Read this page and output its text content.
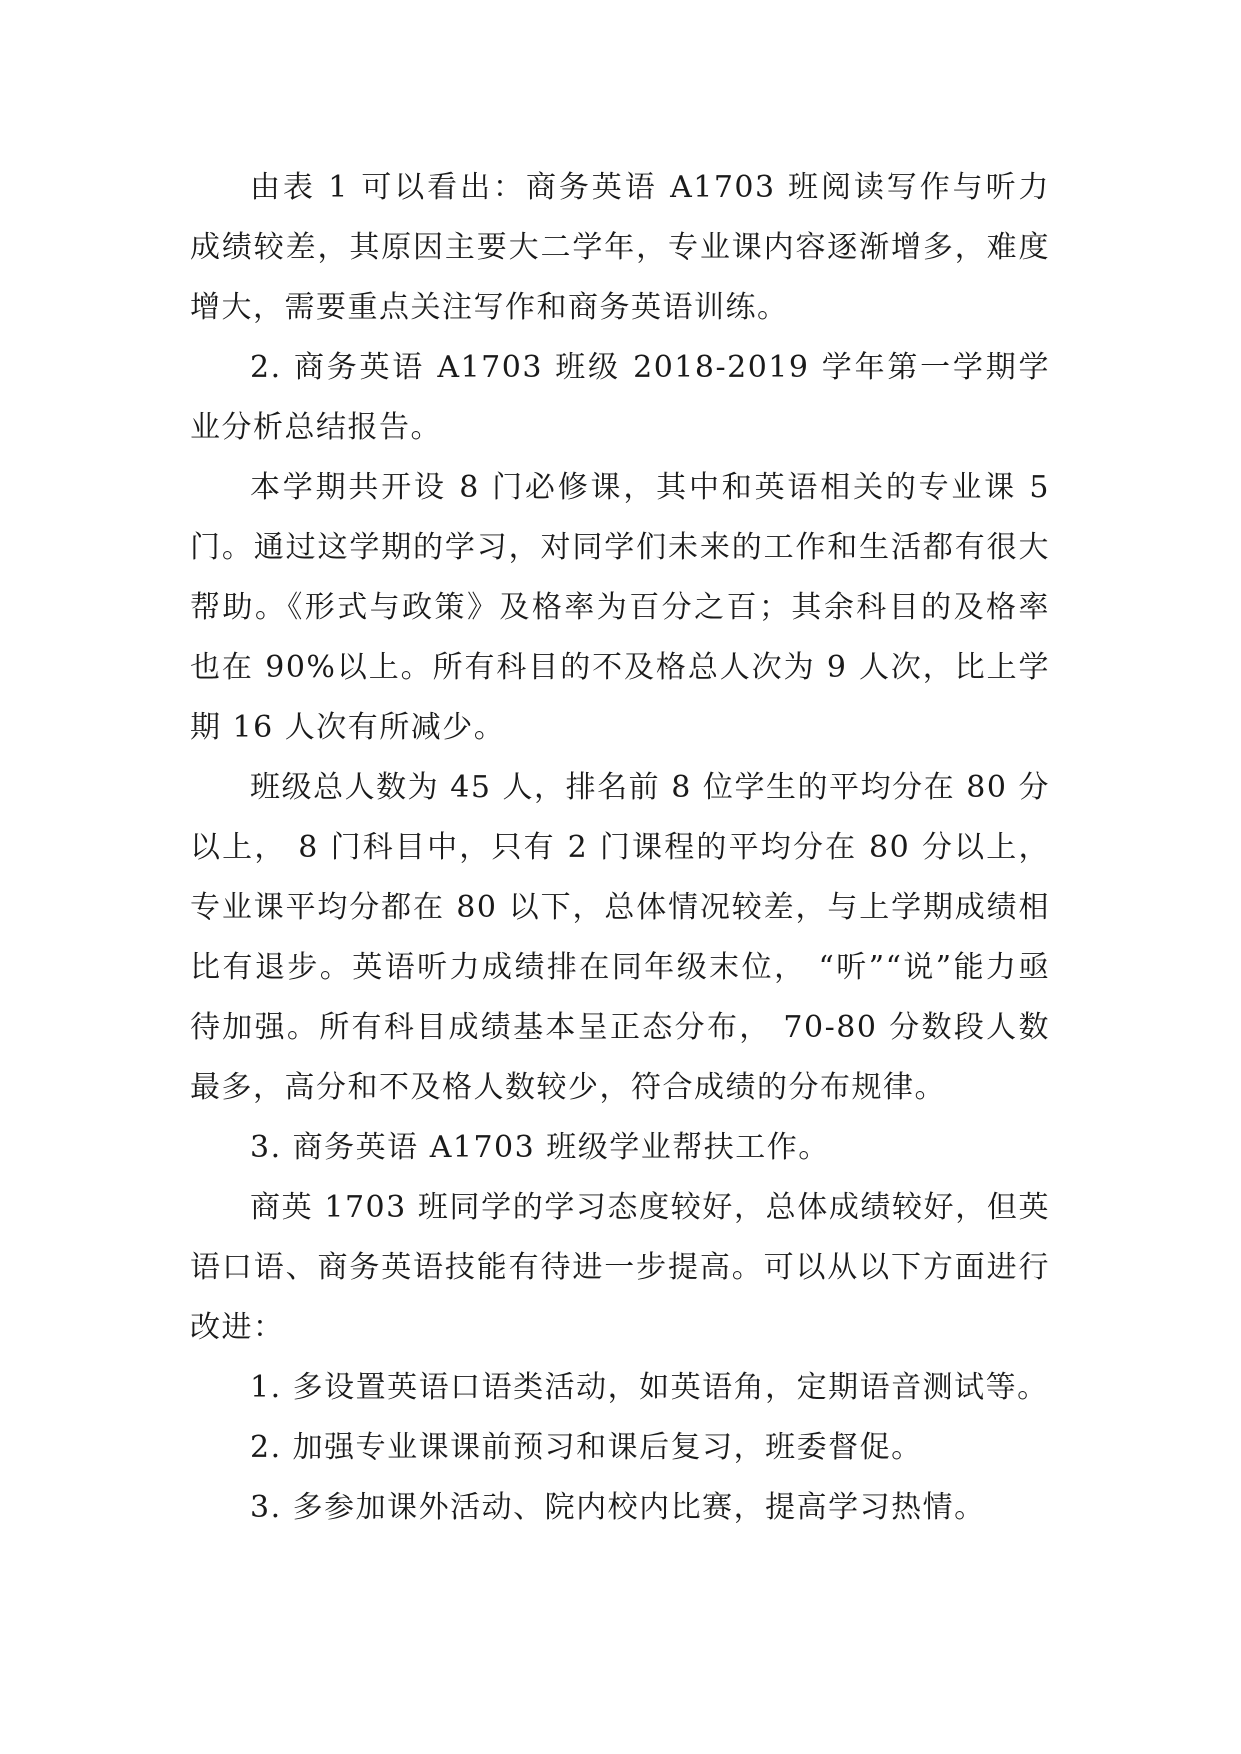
由表 1 可以看出：商务英语 A1703 班阅读写作与听力成绩较差，其原因主要大二学年，专业课内容逐渐增多，难度增大，需要重点关注写作和商务英语训练。

2. 商务英语 A1703 班级 2018-2019 学年第一学期学业分析总结报告。

本学期共开设 8 门必修课，其中和英语相关的专业课 5 门。通过这学期的学习，对同学们未来的工作和生活都有很大帮助。《形式与政策》及格率为百分之百；其余科目的及格率也在 90%以上。所有科目的不及格总人次为 9 人次，比上学期 16 人次有所减少。

班级总人数为 45 人，排名前 8 位学生的平均分在 80 分以上， 8 门科目中，只有 2 门课程的平均分在 80 分以上，专业课平均分都在 80 以下，总体情况较差，与上学期成绩相比有退步。英语听力成绩排在同年级末位， “听”“说”能力亟待加强。所有科目成绩基本呈正态分布， 70-80 分数段人数最多，高分和不及格人数较少，符合成绩的分布规律。

3. 商务英语 A1703 班级学业帮扶工作。

商英 1703 班同学的学习态度较好，总体成绩较好，但英语口语、商务英语技能有待进一步提高。可以从以下方面进行改进：

1. 多设置英语口语类活动，如英语角，定期语音测试等。

2. 加强专业课课前预习和课后复习，班委督促。

3. 多参加课外活动、院内校内比赛，提高学习热情。
